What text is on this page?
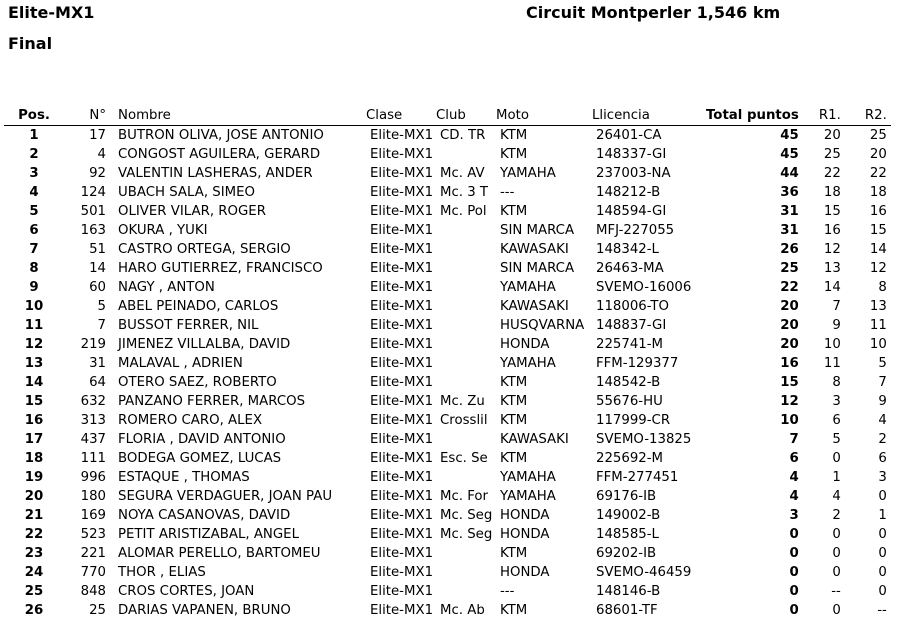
Elite-MX1	Circuit Montperler 1,546 km
Final
Pos.	N°	Nombre	Clase	Club	Moto	Llicencia	Total puntos	R1.	R2.
1	17	BUTRON OLIVA, JOSE ANTONIO	Elite-MX1	CD. TR	KTM	26401-CA	45	20	25
2	4	CONGOST AGUILERA, GERARD	Elite-MX1		KTM	148337-GI	45	25	20
3	92	VALENTIN LASHERAS, ANDER	Elite-MX1	Mc. AV	YAMAHA	237003-NA	44	22	22
4	124	UBACH SALA, SIMEO	Elite-MX1	Mc. 3 T	---	148212-B	36	18	18
5	501	OLIVER VILAR, ROGER	Elite-MX1	Mc. Pol	KTM	148594-GI	31	15	16
6	163	OKURA , YUKI	Elite-MX1		SIN MARCA	MFJ-227055	31	16	15
7	51	CASTRO ORTEGA, SERGIO	Elite-MX1		KAWASAKI	148342-L	26	12	14
8	14	HARO GUTIERREZ, FRANCISCO	Elite-MX1		SIN MARCA	26463-MA	25	13	12
9	60	NAGY , ANTON	Elite-MX1		YAMAHA	SVEMO-16006	22	14	8
10	5	ABEL PEINADO, CARLOS	Elite-MX1		KAWASAKI	118006-TO	20	7	13
11	7	BUSSOT FERRER, NIL	Elite-MX1		HUSQVARNA	148837-GI	20	9	11
12	219	JIMENEZ VILLALBA, DAVID	Elite-MX1		HONDA	225741-M	20	10	10
13	31	MALAVAL , ADRIEN	Elite-MX1		YAMAHA	FFM-129377	16	11	5
14	64	OTERO SAEZ, ROBERTO	Elite-MX1		KTM	148542-B	15	8	7
15	632	PANZANO FERRER, MARCOS	Elite-MX1	Mc. Zu	KTM	55676-HU	12	3	9
16	313	ROMERO CARO, ALEX	Elite-MX1	Crosslil	KTM	117999-CR	10	6	4
17	437	FLORIA , DAVID ANTONIO	Elite-MX1		KAWASAKI	SVEMO-13825	7	5	2
18	111	BODEGA GOMEZ, LUCAS	Elite-MX1	Esc. Se	KTM	225692-M	6	0	6
19	996	ESTAQUE , THOMAS	Elite-MX1		YAMAHA	FFM-277451	4	1	3
20	180	SEGURA VERDAGUER, JOAN PAU	Elite-MX1	Mc. For	YAMAHA	69176-IB	4	4	0
21	169	NOYA CASANOVAS, DAVID	Elite-MX1	Mc. Seg	HONDA	149002-B	3	2	1
22	523	PETIT ARISTIZABAL, ANGEL	Elite-MX1	Mc. Seg	HONDA	148585-L	0	0	0
23	221	ALOMAR PERELLO, BARTOMEU	Elite-MX1		KTM	69202-IB	0	0	0
24	770	THOR , ELIAS	Elite-MX1		HONDA	SVEMO-46459	0	0	0
25	848	CROS CORTES, JOAN	Elite-MX1		---	148146-B	0	--	0
26	25	DARIAS VAPANEN, BRUNO	Elite-MX1	Mc. Ab	KTM	68601-TF	0	0	--
